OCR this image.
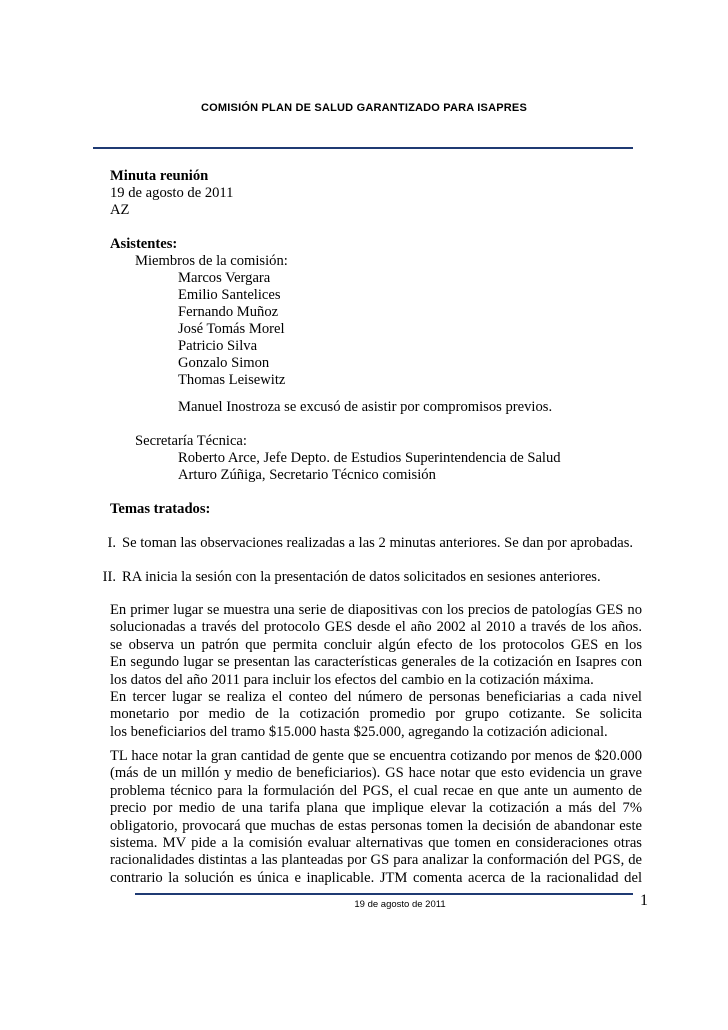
COMISIÓN PLAN DE SALUD GARANTIZADO PARA ISAPRES
Minuta reunión
19 de agosto de 2011
AZ
Asistentes:
Miembros de la comisión:
Marcos Vergara
Emilio Santelices
Fernando Muñoz
José Tomás Morel
Patricio Silva
Gonzalo Simon
Thomas Leisewitz
Manuel Inostroza se excusó de asistir por compromisos previos.
Secretaría Técnica:
Roberto Arce, Jefe Depto. de Estudios Superintendencia de Salud
Arturo Zúñiga, Secretario Técnico comisión
Temas tratados:
I. Se toman las observaciones realizadas a las 2 minutas anteriores. Se dan por aprobadas.
II. RA inicia la sesión con la presentación de datos solicitados en sesiones anteriores.
En primer lugar se muestra una serie de diapositivas con los precios de patologías GES no
solucionadas a través del protocolo GES desde el año 2002 al 2010 a través de los años.
se observa un patrón que permita concluir algún efecto de los protocolos GES en los
En segundo lugar se presentan las características generales de la cotización en Isapres con
los datos del año 2011 para incluir los efectos del cambio en la cotización máxima.
En tercer lugar se realiza el conteo del número de personas beneficiarias a cada nivel
monetario por medio de la cotización promedio por grupo cotizante. Se solicita
los beneficiarios del tramo $15.000 hasta $25.000, agregando la cotización adicional.
TL hace notar la gran cantidad de gente que se encuentra cotizando por menos de $20.000
(más de un millón y medio de beneficiarios). GS hace notar que esto evidencia un grave
problema técnico para la formulación del PGS, el cual recae en que ante un aumento de
precio por medio de una tarifa plana que implique elevar la cotización a más del 7%
obligatorio, provocará que muchas de estas personas tomen la decisión de abandonar este
sistema. MV pide a la comisión evaluar alternativas que tomen en consideraciones otras
racionalidades distintas a las planteadas por GS para analizar la conformación del PGS, de
contrario la solución es única e inaplicable. JTM comenta acerca de la racionalidad del
19 de agosto de 2011	1
